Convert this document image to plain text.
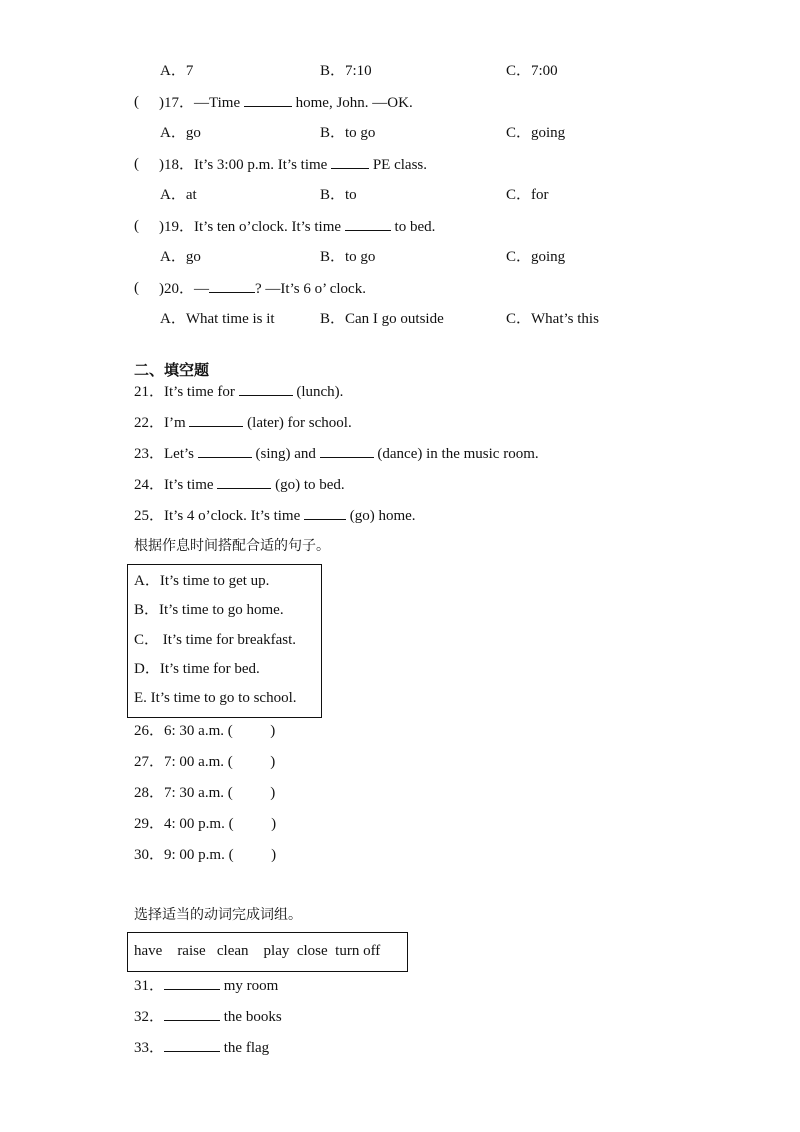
A．7	B．7:10	C．7:00
( )17．—Time	home, John. —OK.
A．go	B．to go	C．going
( )18．It’s 3:00 p.m. It’s time	PE class.
A．at	B．to	C．for
( )19．It’s ten o’clock. It’s time	to bed.
A．go	B．to go	C．going
( )20．—	? —It’s 6 o’ clock.
A．What time is it	B．Can I go outside	C．What’s this
二、填空题
21．It’s time for	(lunch).
22．I’m	(later) for school.
23．Let’s	(sing) and	(dance) in the music room.
24．It’s time	(go) to bed.
25．It’s 4 o’clock. It’s time	(go) home.
根据作息时间搭配合适的句子。
A．It’s time to get up.
B．It’s time to go home.
C． It’s time for breakfast.
D．It’s time for bed.
E. It’s time to go to school.
26．6: 30 a.m. (          )
27．7: 00 a.m. (          )
28．7: 30 a.m. (          )
29．4: 00 p.m. (          )
30．9: 00 p.m. (          )
选择适当的动词完成词组。
have    raise   clean    play  close  turn off
31．	my room
32．	the books
33．	the flag
